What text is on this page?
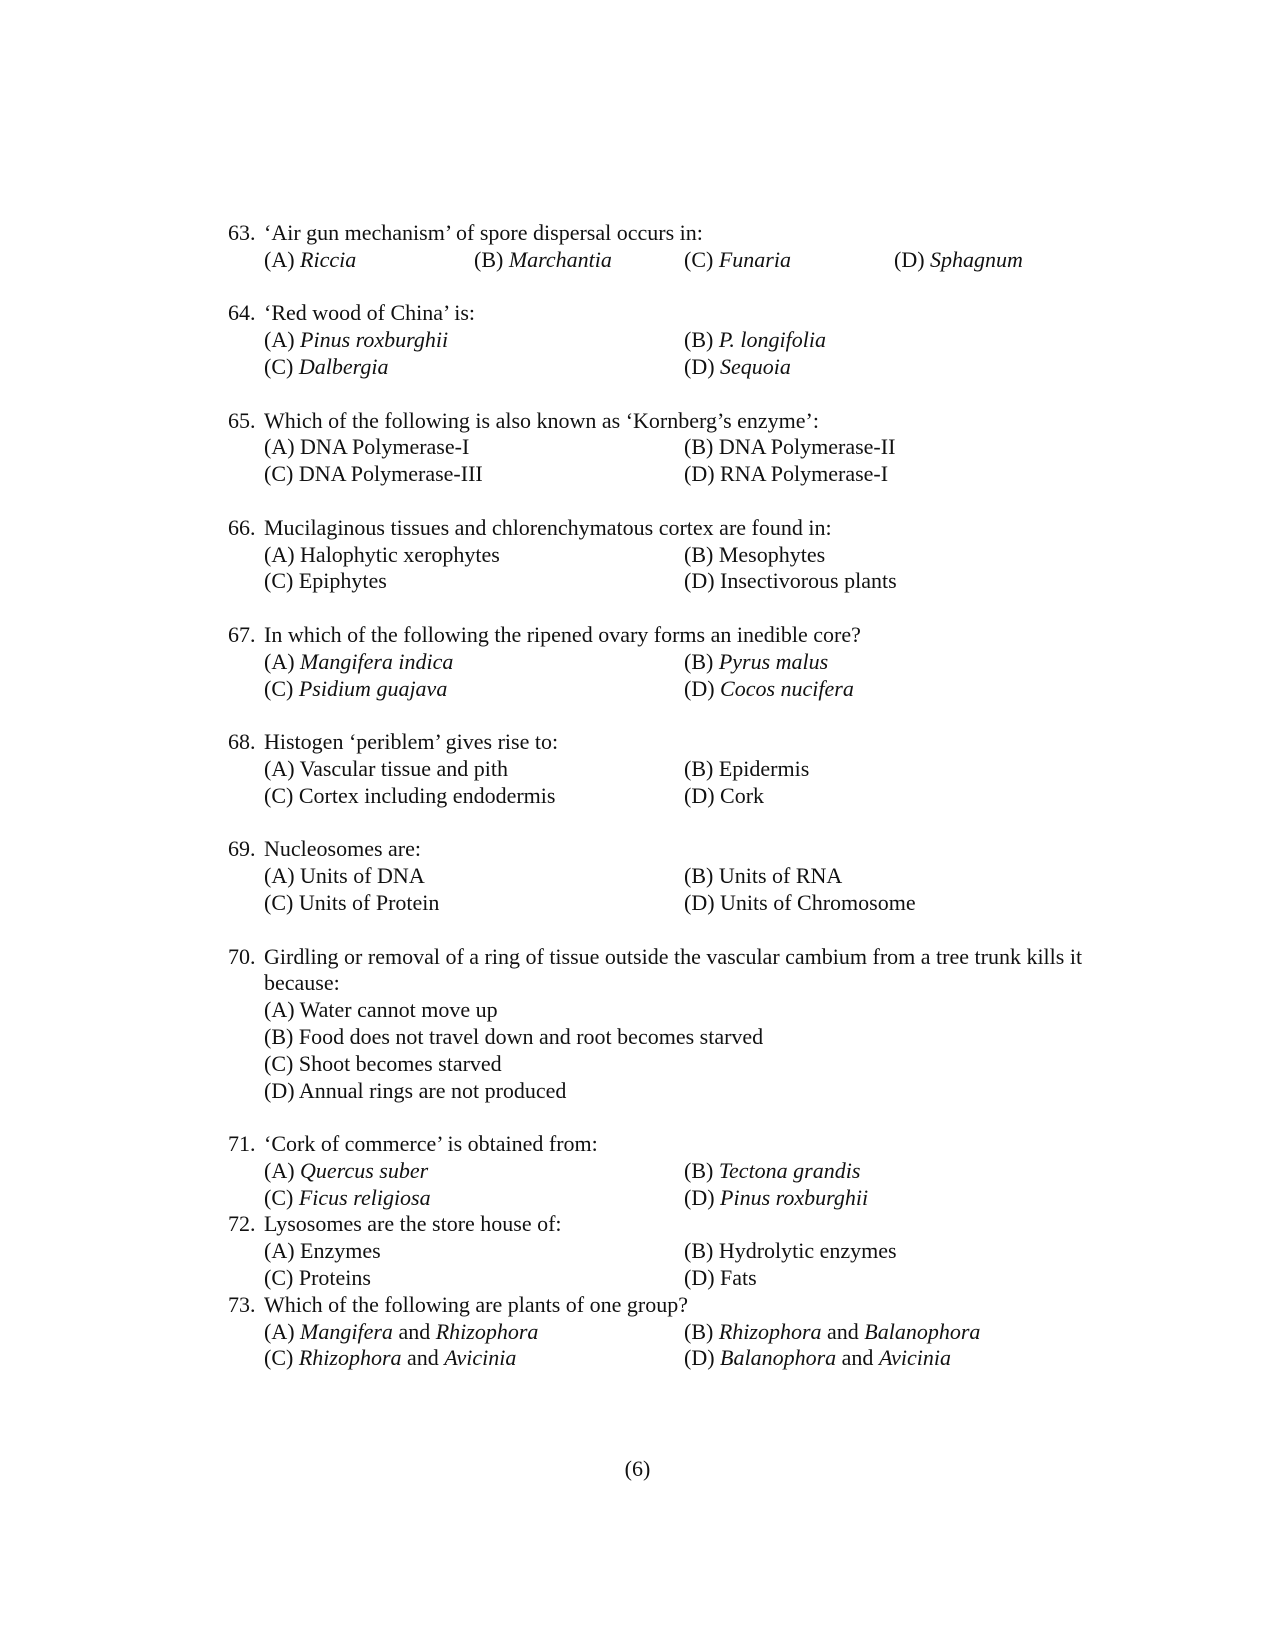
63. ‘Air gun mechanism’ of spore dispersal occurs in:
(A) Riccia	(B) Marchantia	(C) Funaria	(D) Sphagnum
64. ‘Red wood of China’ is:
(A) Pinus roxburghii	(B) P. longifolia
(C) Dalbergia	(D) Sequoia
65. Which of the following is also known as ‘Kornberg’s enzyme’:
(A) DNA Polymerase-I	(B) DNA Polymerase-II
(C) DNA Polymerase-III	(D) RNA Polymerase-I
66. Mucilaginous tissues and chlorenchymatous cortex are found in:
(A) Halophytic xerophytes	(B) Mesophytes
(C) Epiphytes	(D) Insectivorous plants
67. In which of the following the ripened ovary forms an inedible core?
(A) Mangifera indica	(B) Pyrus malus
(C) Psidium guajava	(D) Cocos nucifera
68. Histogen ‘periblem’ gives rise to:
(A) Vascular tissue and pith	(B) Epidermis
(C) Cortex including endodermis	(D) Cork
69. Nucleosomes are:
(A) Units of DNA	(B) Units of RNA
(C) Units of Protein	(D) Units of Chromosome
70. Girdling or removal of a ring of tissue outside the vascular cambium from a tree trunk kills it because:
(A) Water cannot move up
(B) Food does not travel down and root becomes starved
(C) Shoot becomes starved
(D) Annual rings are not produced
71. ‘Cork of commerce’ is obtained from:
(A) Quercus suber	(B) Tectona grandis
(C) Ficus religiosa	(D) Pinus roxburghii
72. Lysosomes are the store house of:
(A) Enzymes	(B) Hydrolytic enzymes
(C) Proteins	(D) Fats
73. Which of the following are plants of one group?
(A) Mangifera and Rhizophora	(B) Rhizophora and Balanophora
(C) Rhizophora and Avicinia	(D) Balanophora and Avicinia
(6)
